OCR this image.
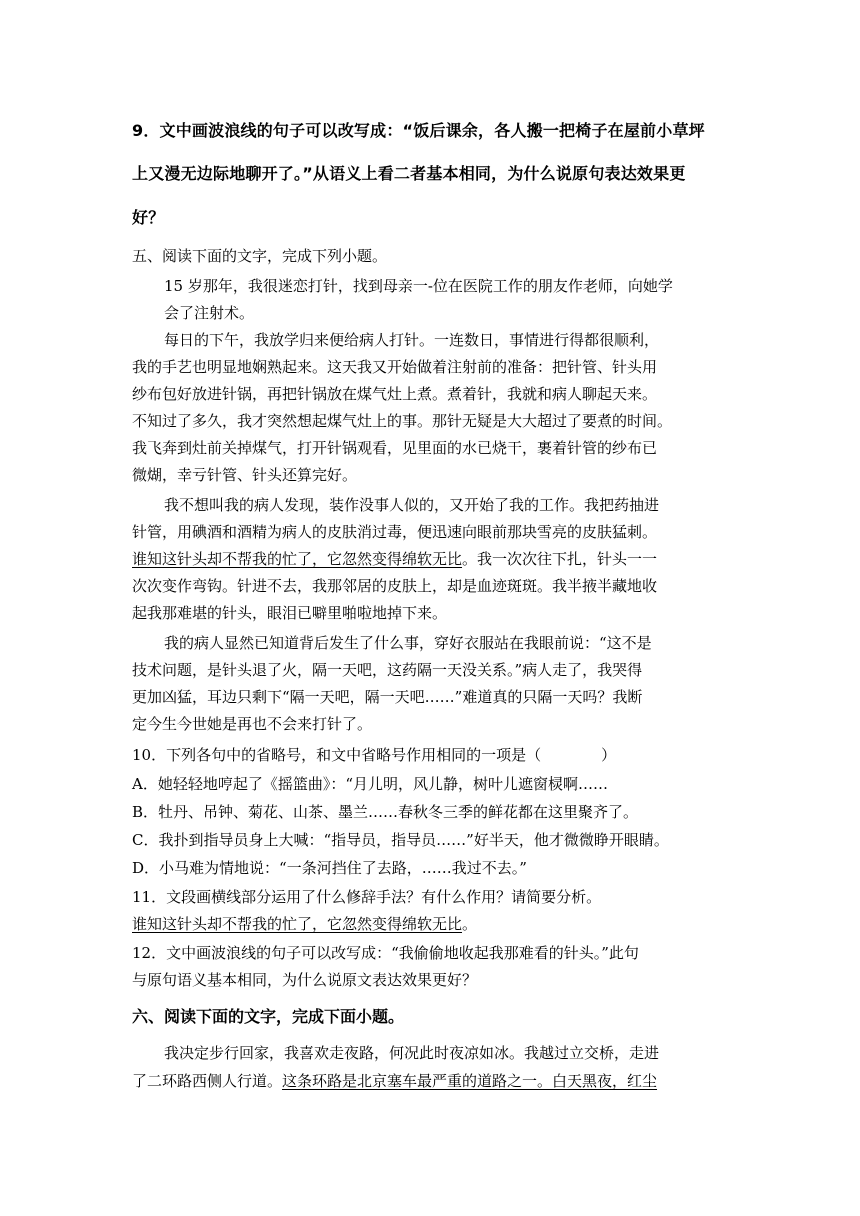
9．文中画波浪线的句子可以改写成：“饭后课余，各人搬一把椅子在屋前小草坪
上又漫无边际地聊开了。”从语义上看二者基本相同，为什么说原句表达效果更
好？
五、阅读下面的文字，完成下列小题。
15 岁那年，我很迷恋打针，找到母亲一-位在医院工作的朋友作老师，向她学
会了注射术。
每日的下午，我放学归来便给病人打针。一连数日，事情进行得都很顺利，
我的手艺也明显地娴熟起来。这天我又开始做着注射前的准备：把针管、针头用
纱布包好放进针锅，再把针锅放在煤气灶上煮。煮着针，我就和病人聊起天来。
不知过了多久，我才突然想起煤气灶上的事。那针无疑是大大超过了要煮的时间。
我飞奔到灶前关掉煤气，打开针锅观看，见里面的水已烧干，裹着针管的纱布已
微煳，幸亏针管、针头还算完好。
我不想叫我的病人发现，装作没事人似的，又开始了我的工作。我把药抽进
针管，用碘酒和酒精为病人的皮肤消过毒，便迅速向眼前那块雪亮的皮肤猛刺。
谁知这针头却不帮我的忙了，它忽然变得绵软无比。我一次次往下扎，针头一一
次次变作弯钩。针进不去，我那邻居的皮肤上，却是血迹斑斑。我半掖半藏地收
起我那难堪的针头，眼泪已噼里啪啦地掉下来。
我的病人显然已知道背后发生了什么事，穿好衣服站在我眼前说：“这不是
技术问题，是针头退了火，隔一天吧，这药隔一天没关系。”病人走了，我哭得
更加凶猛，耳边只剩下“隔一天吧，隔一天吧……”难道真的只隔一天吗？我断
定今生今世她是再也不会来打针了。
10．下列各句中的省略号，和文中省略号作用相同的一项是（　　　　）
A．她轻轻地哼起了《摇篮曲》：“月儿明，风儿静，树叶儿遮窗棂啊……
B．牡丹、吊钟、菊花、山茶、墨兰……春秋冬三季的鲜花都在这里聚齐了。
C．我扑到指导员身上大喊：“指导员，指导员……”好半天，他才微微睁开眼睛。
D．小马难为情地说：“一条河挡住了去路，……我过不去。”
11．文段画横线部分运用了什么修辞手法？有什么作用？请简要分析。
谁知这针头却不帮我的忙了，它忽然变得绵软无比。
12．文中画波浪线的句子可以改写成：“我偷偷地收起我那难看的针头。”此句
与原句语义基本相同，为什么说原文表达效果更好？
六、阅读下面的文字，完成下面小题。
我决定步行回家，我喜欢走夜路，何况此时夜凉如冰。我越过立交桥，走进
了二环路西侧人行道。这条环路是北京塞车最严重的道路之一。白天黑夜，红尘
